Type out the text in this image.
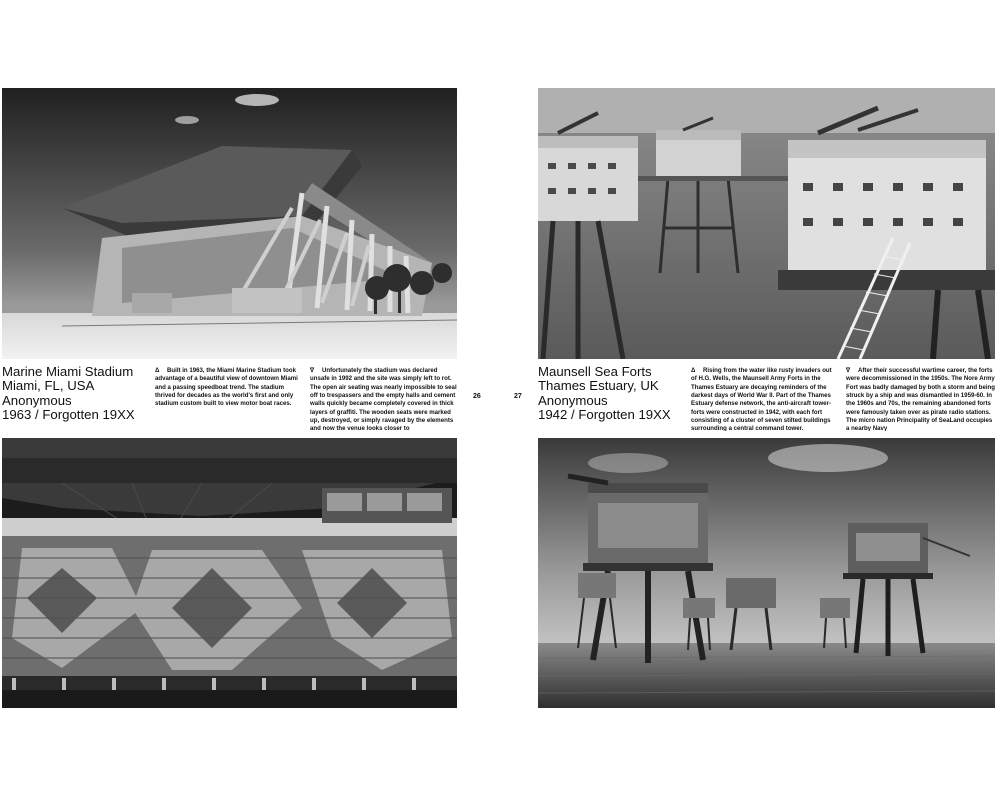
Marine Miami Stadium
Miami, FL, USA
Anonymous
1963 / Forgotten 19XX
Δ Built in 1963, the Miami Marine Stadium took advantage of a beautiful view of downtown Miami and a passing speedboat trend. The stadium thrived for decades as the world's first and only stadium custom built to view motor boat races.
∇ Unfortunately the stadium was declared unsafe in 1992 and the site was simply left to rot. The open air seating was nearly impossible to seal off to trespassers and the empty halls and cement walls quickly became completely covered in thick layers of graffiti. The wooden seats were marked up, destroyed, or simply ravaged by the elements and now the venue looks closer to
26	27
Maunsell Sea Forts
Thames Estuary, UK
Anonymous
1942 / Forgotten 19XX
Δ Rising from the water like rusty invaders out of H.G. Wells, the Maunsell Army Forts in the Thames Estuary are decaying reminders of the darkest days of World War II. Part of the Thames Estuary defense network, the anti-aircraft tower-forts were constructed in 1942, with each fort consisting of a cluster of seven stilted buildings surrounding a central command tower.
∇ After their successful wartime career, the forts were decommissioned in the 1950s. The Nore Army Fort was badly damaged by both a storm and being struck by a ship and was dismantled in 1959-60. In the 1960s and 70s, the remaining abandoned forts were famously taken over as pirate radio stations. The micro nation Principality of SeaLand occupies a nearby Navy
